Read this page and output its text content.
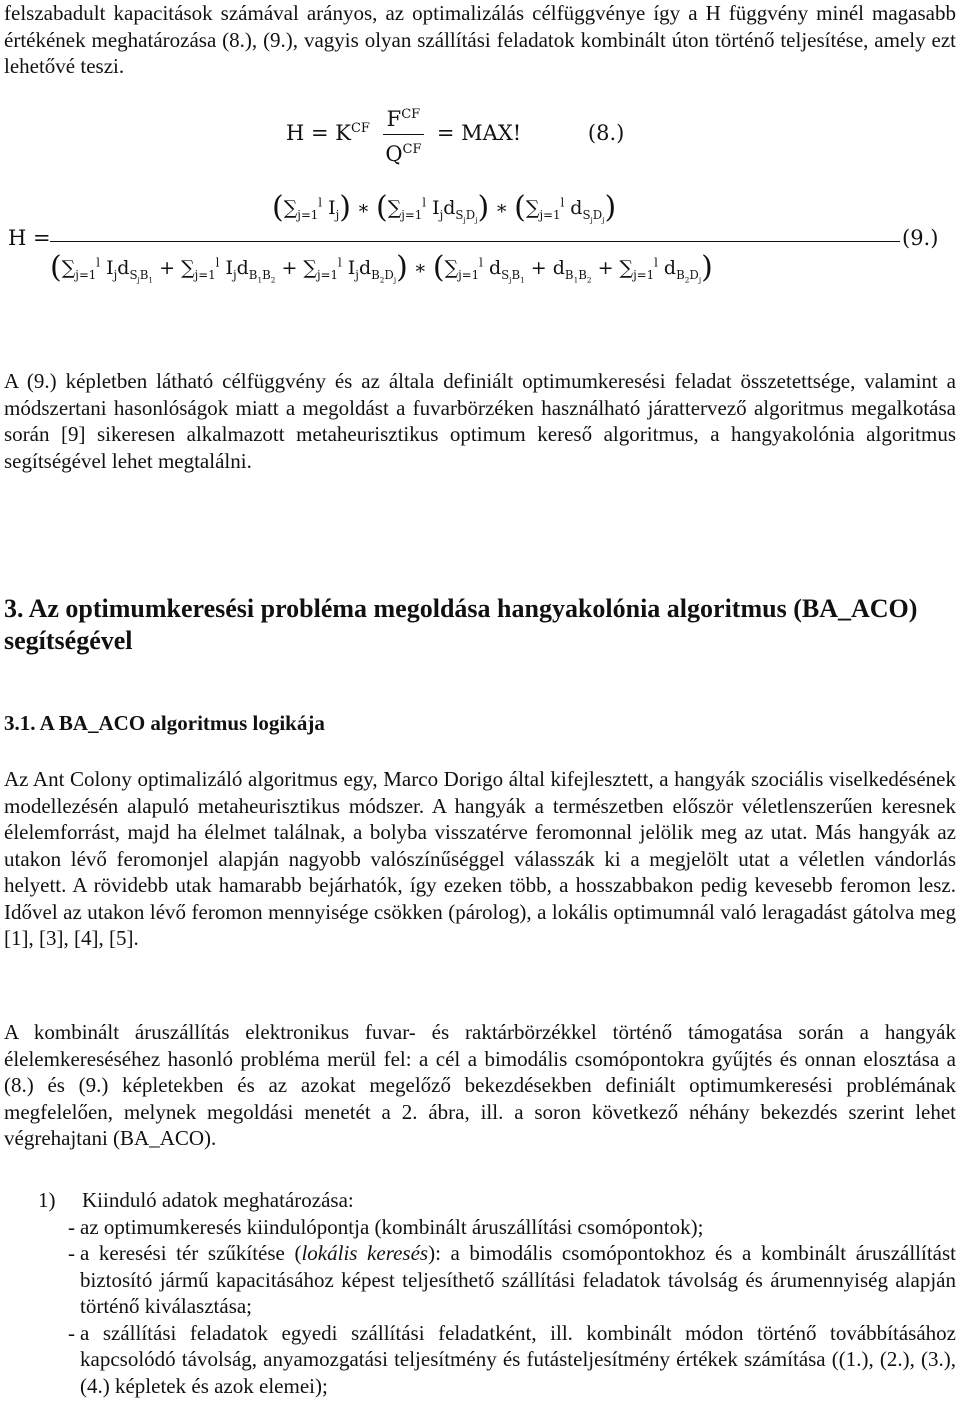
felszabadult kapacitások számával arányos, az optimalizálás célfüggvénye így a H függvény minél magasabb értékének meghatározása (8.), (9.), vagyis olyan szállítási feladatok kombinált úton történő teljesítése, amely ezt lehetővé teszi.
$H = K^{CF} \frac{F^{CF}}{Q^{CF}}$ = MAX!	(8.)
H =
($\sum_{j=1}^l$ $I_j$) ∗ ($\sum_{j=1}^l$ $I_jd_{S_jD_j}$) ∗ ($\sum_{j=1}^l$ $d_{S_jD_j}$)
($\sum_{j=1}^l$ $I_jd_{S_jB_1} + \sum_{j=1}^l$ $I_jd_{B_1B_2} + \sum_{j=1}^l$ $I_jd_{B_2D_j}$) ∗ ($\sum_{j=1}^l$ $d_{S_jB_1} + d_{B_1B_2} + \sum_{j=1}^l$ $d_{B_2D_j}$)
(9.)
A (9.) képletben látható célfüggvény és az általa definiált optimumkeresési feladat összetettsége, valamint a módszertani hasonlóságok miatt a megoldást a fuvarbörzéken használható járattervező algoritmus megalkotása során [9] sikeresen alkalmazott metaheurisztikus optimum kereső algoritmus, a hangyakolónia algoritmus segítségével lehet megtalálni.
3. Az optimumkeresési probléma megoldása hangyakolónia algoritmus (BA_ACO) segítségével
3.1. A BA_ACO algoritmus logikája
Az Ant Colony optimalizáló algoritmus egy, Marco Dorigo által kifejlesztett, a hangyák szociális viselkedésének modellezésén alapuló metaheurisztikus módszer. A hangyák a természetben először véletlenszerűen keresnek élelemforrást, majd ha élelmet találnak, a bolyba visszatérve feromonnal jelölik meg az utat. Más hangyák az utakon lévő feromonjel alapján nagyobb valószínűséggel válasszák ki a megjelölt utat a véletlen vándorlás helyett. A rövidebb utak hamarabb bejárhatók, így ezeken több, a hosszabbakon pedig kevesebb feromon lesz. Idővel az utakon lévő feromon mennyisége csökken (párolog), a lokális optimumnál való leragadást gátolva meg [1], [3], [4], [5].
A kombinált áruszállítás elektronikus fuvar- és raktárbörzékkel történő támogatása során a hangyák élelemkereséséhez hasonló probléma merül fel: a cél a bimodális csomópontokra gyűjtés és onnan elosztása a (8.) és (9.) képletekben és az azokat megelőző bekezdésekben definiált optimumkeresési problémának megfelelően, melynek megoldási menetét a 2. ábra, ill. a soron következő néhány bekezdés szerint lehet végrehajtani (BA_ACO).
1) Kiinduló adatok meghatározása:
- az optimumkeresés kiindulópontja (kombinált áruszállítási csomópontok);
- a keresési tér szűkítése (lokális keresés): a bimodális csomópontokhoz és a kombinált áruszállítást biztosító jármű kapacitásához képest teljesíthető szállítási feladatok távolság és árumennyiség alapján történő kiválasztása;
- a szállítási feladatok egyedi szállítási feladatként, ill. kombinált módon történő továbbításához kapcsolódó távolság, anyamozgatási teljesítmény és futásteljesítmény értékek számítása ((1.), (2.), (3.), (4.) képletek és azok elemei);
